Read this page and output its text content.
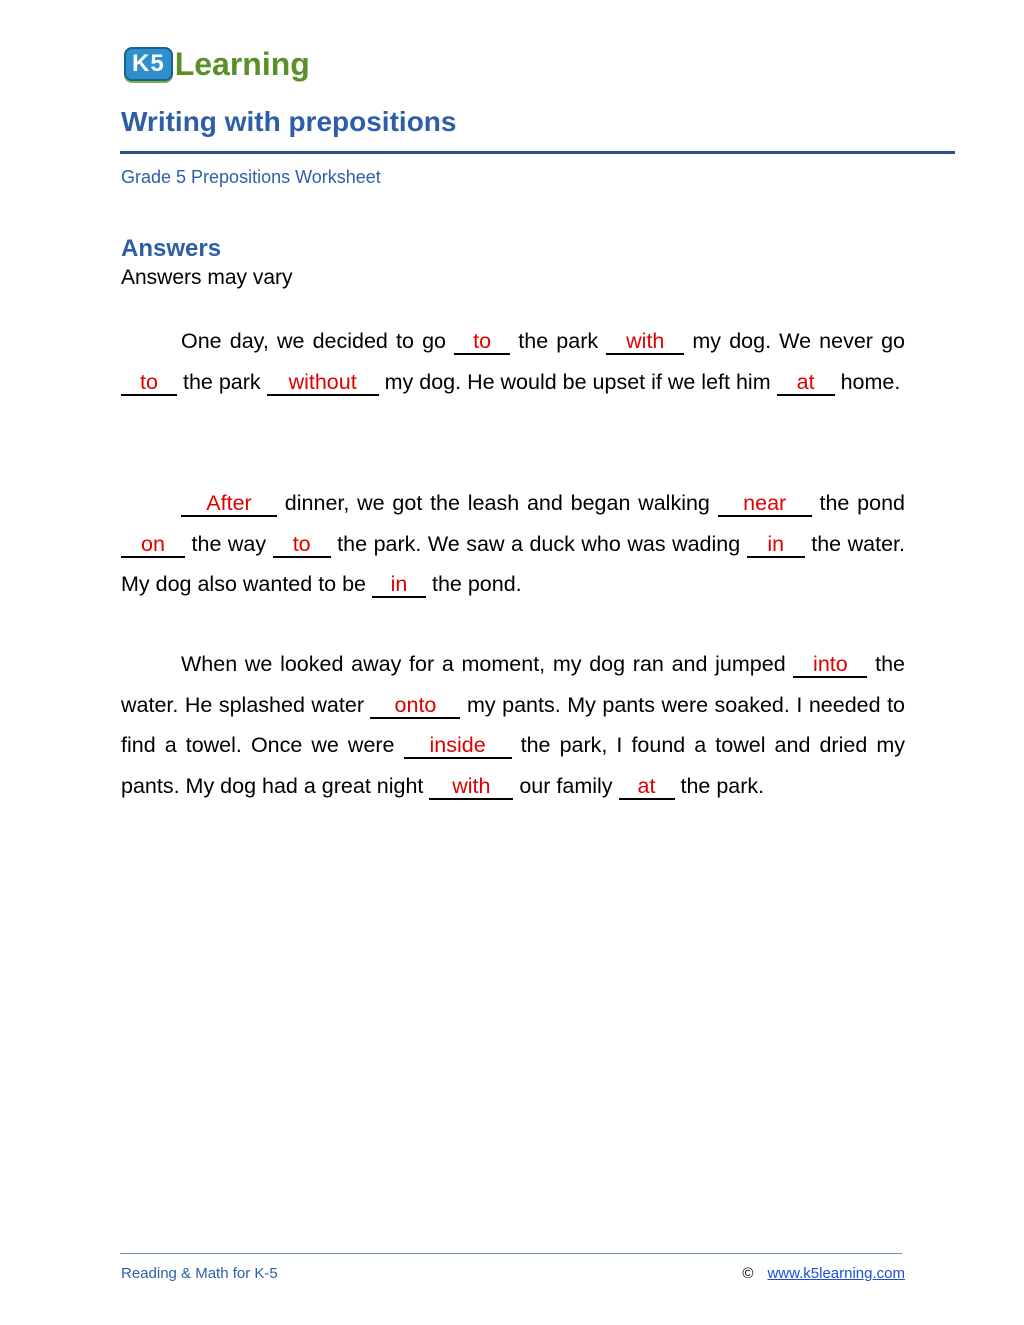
K5 Learning
Writing with prepositions
Grade 5 Prepositions Worksheet
Answers
Answers may vary

One day, we decided to go to the park with my dog. We never go to the park without my dog. He would be upset if we left him at home.

After dinner, we got the leash and began walking near the pond on the way to the park. We saw a duck who was wading in the water. My dog also wanted to be in the pond.

When we looked away for a moment, my dog ran and jumped into the water. He splashed water onto my pants. My pants were soaked. I needed to find a towel. Once we were inside the park, I found a towel and dried my pants. My dog had a great night with our family at the park.

Reading & Math for K-5	© www.k5learning.com
